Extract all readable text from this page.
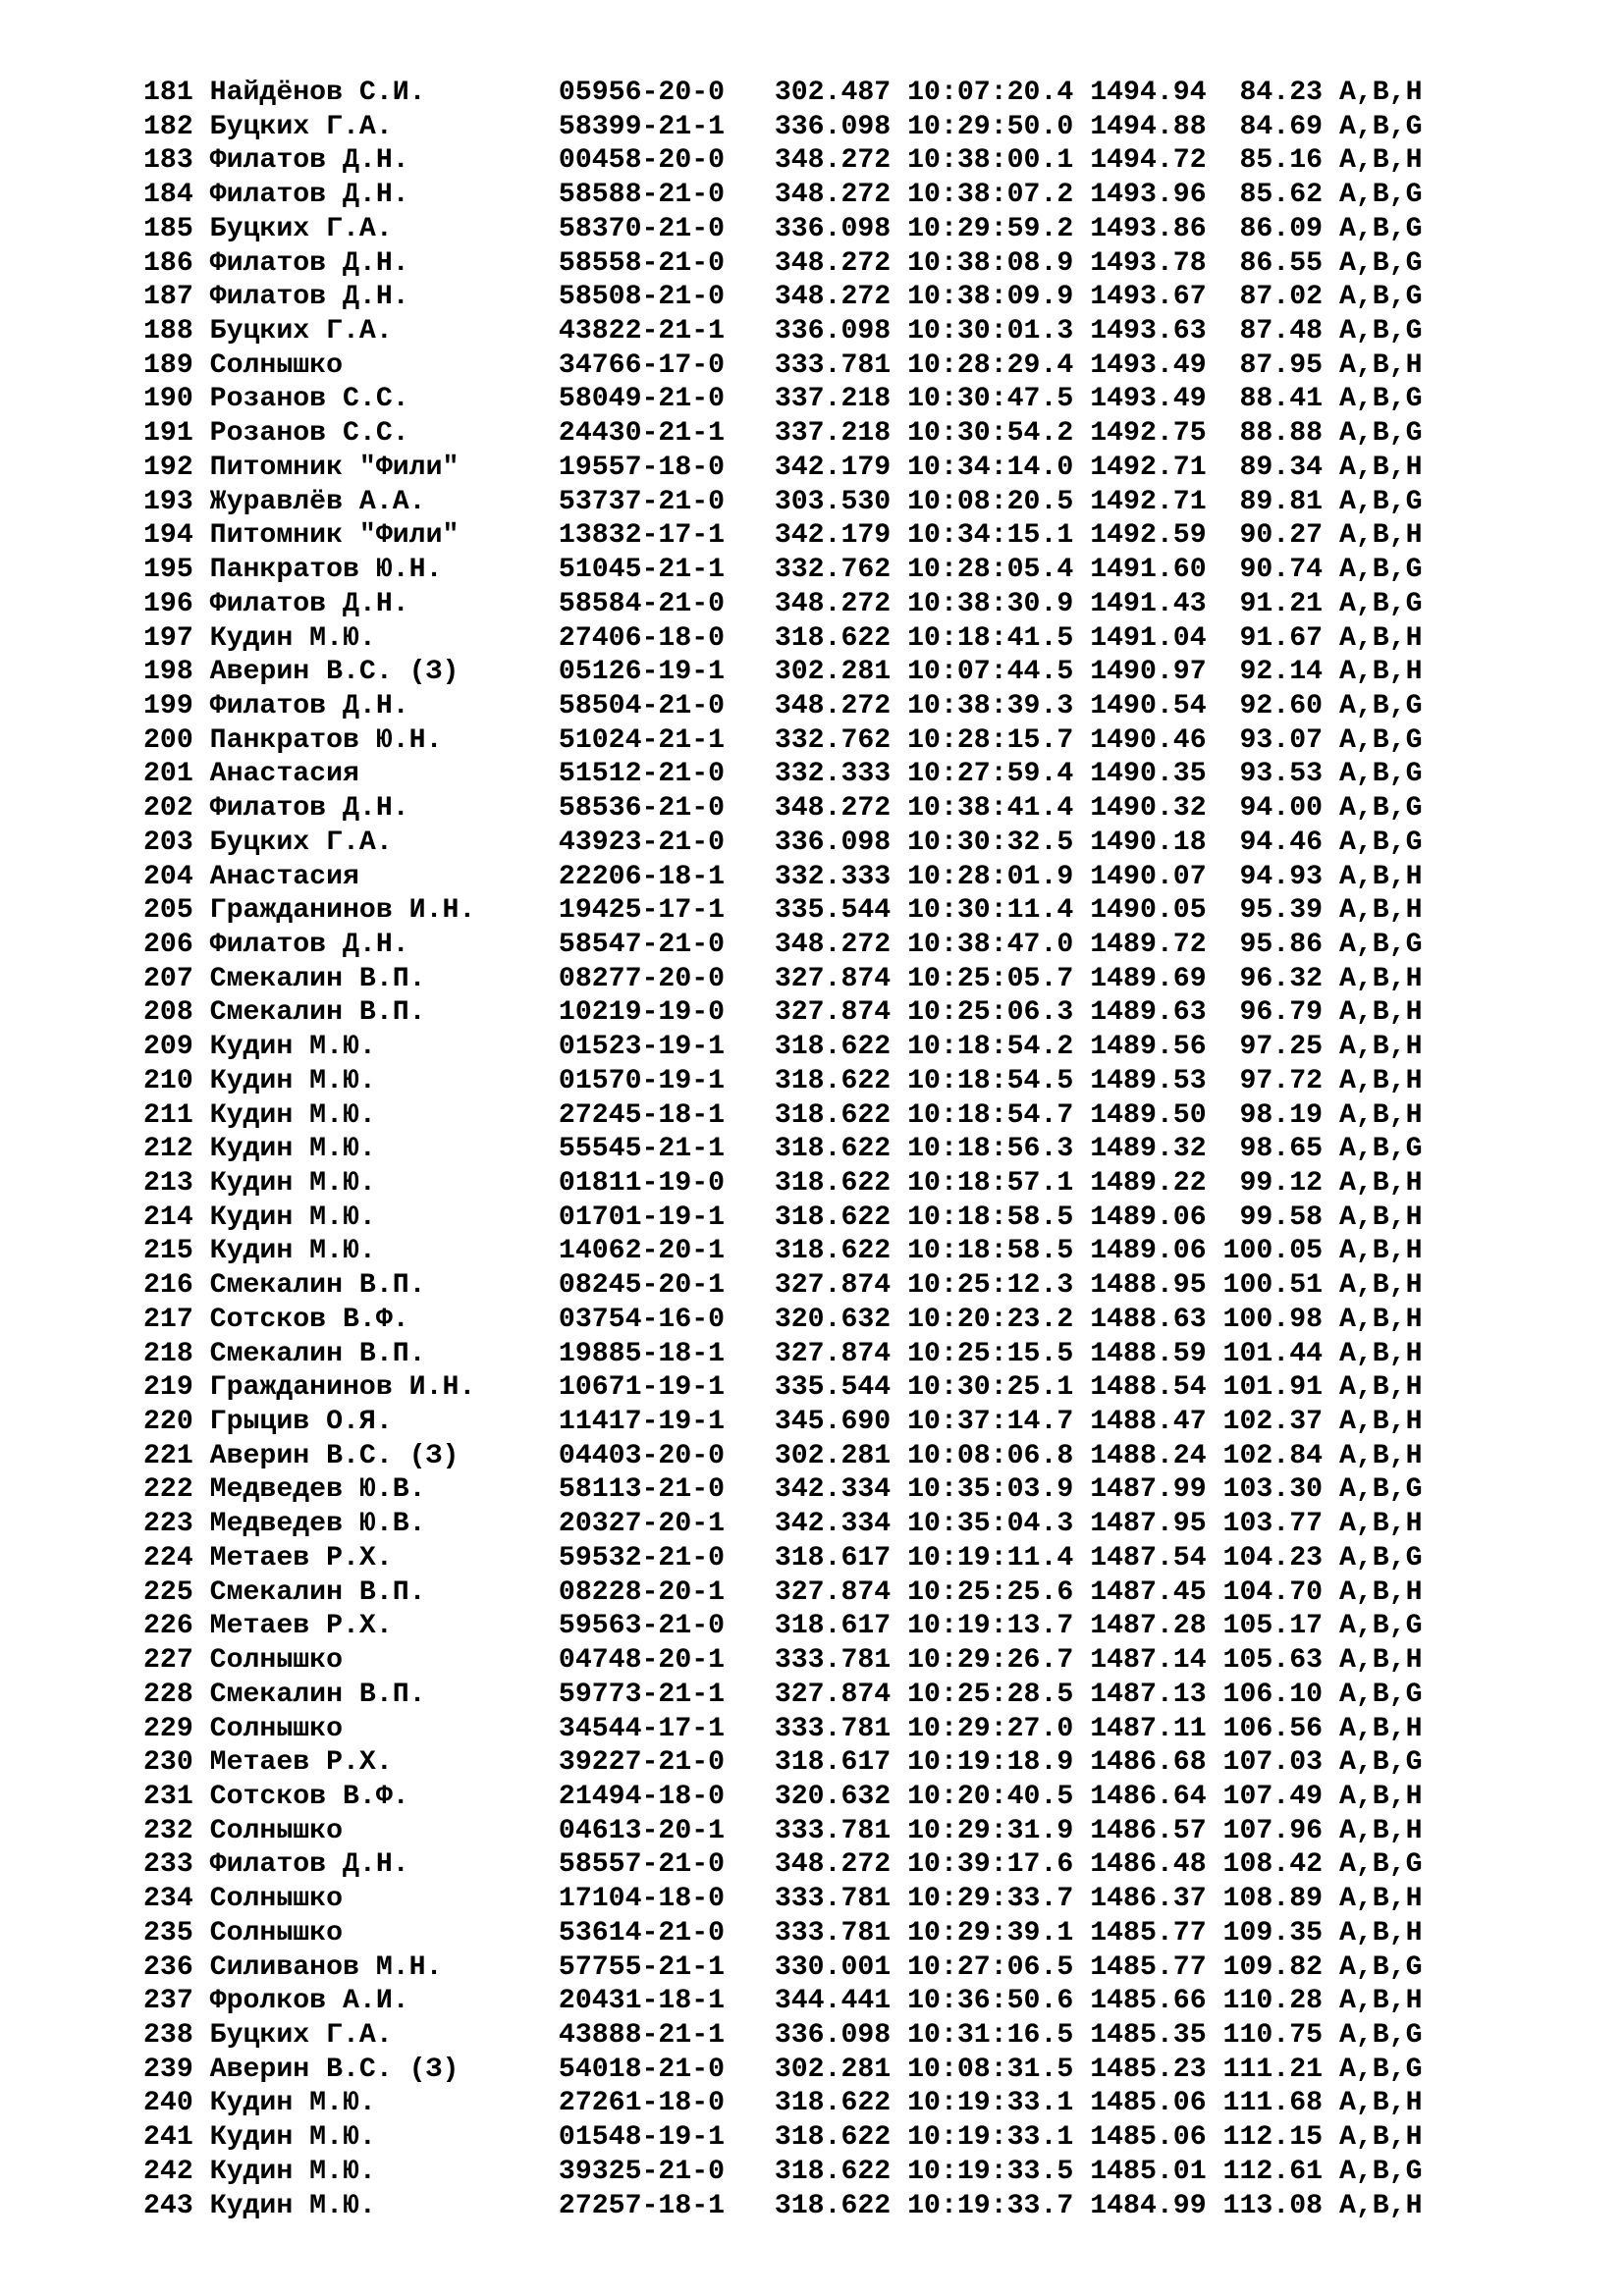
181 Найдёнов С.И.        05956-20-0   302.487 10:07:20.4 1494.94  84.23 A,B,H
182 Буцких Г.А.          58399-21-1   336.098 10:29:50.0 1494.88  84.69 A,B,G
183 Филатов Д.Н.         00458-20-0   348.272 10:38:00.1 1494.72  85.16 A,B,H
184 Филатов Д.Н.         58588-21-0   348.272 10:38:07.2 1493.96  85.62 A,B,G
185 Буцких Г.А.          58370-21-0   336.098 10:29:59.2 1493.86  86.09 A,B,G
186 Филатов Д.Н.         58558-21-0   348.272 10:38:08.9 1493.78  86.55 A,B,G
187 Филатов Д.Н.         58508-21-0   348.272 10:38:09.9 1493.67  87.02 A,B,G
188 Буцких Г.А.          43822-21-1   336.098 10:30:01.3 1493.63  87.48 A,B,G
189 Солнышко             34766-17-0   333.781 10:28:29.4 1493.49  87.95 A,B,H
190 Розанов С.С.         58049-21-0   337.218 10:30:47.5 1493.49  88.41 A,B,G
191 Розанов С.С.         24430-21-1   337.218 10:30:54.2 1492.75  88.88 A,B,G
192 Питомник "Фили"      19557-18-0   342.179 10:34:14.0 1492.71  89.34 A,B,H
193 Журавлёв А.А.        53737-21-0   303.530 10:08:20.5 1492.71  89.81 A,B,G
194 Питомник "Фили"      13832-17-1   342.179 10:34:15.1 1492.59  90.27 A,B,H
195 Панкратов Ю.Н.       51045-21-1   332.762 10:28:05.4 1491.60  90.74 A,B,G
196 Филатов Д.Н.         58584-21-0   348.272 10:38:30.9 1491.43  91.21 A,B,G
197 Кудин М.Ю.           27406-18-0   318.622 10:18:41.5 1491.04  91.67 A,B,H
198 Аверин В.С. (З)      05126-19-1   302.281 10:07:44.5 1490.97  92.14 A,B,H
199 Филатов Д.Н.         58504-21-0   348.272 10:38:39.3 1490.54  92.60 A,B,G
200 Панкратов Ю.Н.       51024-21-1   332.762 10:28:15.7 1490.46  93.07 A,B,G
201 Анастасия            51512-21-0   332.333 10:27:59.4 1490.35  93.53 A,B,G
202 Филатов Д.Н.         58536-21-0   348.272 10:38:41.4 1490.32  94.00 A,B,G
203 Буцких Г.А.          43923-21-0   336.098 10:30:32.5 1490.18  94.46 A,B,G
204 Анастасия            22206-18-1   332.333 10:28:01.9 1490.07  94.93 A,B,H
205 Гражданинов И.Н.     19425-17-1   335.544 10:30:11.4 1490.05  95.39 A,B,H
206 Филатов Д.Н.         58547-21-0   348.272 10:38:47.0 1489.72  95.86 A,B,G
207 Смекалин В.П.        08277-20-0   327.874 10:25:05.7 1489.69  96.32 A,B,H
208 Смекалин В.П.        10219-19-0   327.874 10:25:06.3 1489.63  96.79 A,B,H
209 Кудин М.Ю.           01523-19-1   318.622 10:18:54.2 1489.56  97.25 A,B,H
210 Кудин М.Ю.           01570-19-1   318.622 10:18:54.5 1489.53  97.72 A,B,H
211 Кудин М.Ю.           27245-18-1   318.622 10:18:54.7 1489.50  98.19 A,B,H
212 Кудин М.Ю.           55545-21-1   318.622 10:18:56.3 1489.32  98.65 A,B,G
213 Кудин М.Ю.           01811-19-0   318.622 10:18:57.1 1489.22  99.12 A,B,H
214 Кудин М.Ю.           01701-19-1   318.622 10:18:58.5 1489.06  99.58 A,B,H
215 Кудин М.Ю.           14062-20-1   318.622 10:18:58.5 1489.06 100.05 A,B,H
216 Смекалин В.П.        08245-20-1   327.874 10:25:12.3 1488.95 100.51 A,B,H
217 Сотсков В.Ф.         03754-16-0   320.632 10:20:23.2 1488.63 100.98 A,B,H
218 Смекалин В.П.        19885-18-1   327.874 10:25:15.5 1488.59 101.44 A,B,H
219 Гражданинов И.Н.     10671-19-1   335.544 10:30:25.1 1488.54 101.91 A,B,H
220 Грыцив О.Я.          11417-19-1   345.690 10:37:14.7 1488.47 102.37 A,B,H
221 Аверин В.С. (З)      04403-20-0   302.281 10:08:06.8 1488.24 102.84 A,B,H
222 Медведев Ю.В.        58113-21-0   342.334 10:35:03.9 1487.99 103.30 A,B,G
223 Медведев Ю.В.        20327-20-1   342.334 10:35:04.3 1487.95 103.77 A,B,H
224 Метаев Р.Х.          59532-21-0   318.617 10:19:11.4 1487.54 104.23 A,B,G
225 Смекалин В.П.        08228-20-1   327.874 10:25:25.6 1487.45 104.70 A,B,H
226 Метаев Р.Х.          59563-21-0   318.617 10:19:13.7 1487.28 105.17 A,B,G
227 Солнышко             04748-20-1   333.781 10:29:26.7 1487.14 105.63 A,B,H
228 Смекалин В.П.        59773-21-1   327.874 10:25:28.5 1487.13 106.10 A,B,G
229 Солнышко             34544-17-1   333.781 10:29:27.0 1487.11 106.56 A,B,H
230 Метаев Р.Х.          39227-21-0   318.617 10:19:18.9 1486.68 107.03 A,B,G
231 Сотсков В.Ф.         21494-18-0   320.632 10:20:40.5 1486.64 107.49 A,B,H
232 Солнышко             04613-20-1   333.781 10:29:31.9 1486.57 107.96 A,B,H
233 Филатов Д.Н.         58557-21-0   348.272 10:39:17.6 1486.48 108.42 A,B,G
234 Солнышко             17104-18-0   333.781 10:29:33.7 1486.37 108.89 A,B,H
235 Солнышко             53614-21-0   333.781 10:29:39.1 1485.77 109.35 A,B,H
236 Силиванов М.Н.       57755-21-1   330.001 10:27:06.5 1485.77 109.82 A,B,G
237 Фролков А.И.         20431-18-1   344.441 10:36:50.6 1485.66 110.28 A,B,H
238 Буцких Г.А.          43888-21-1   336.098 10:31:16.5 1485.35 110.75 A,B,G
239 Аверин В.С. (З)      54018-21-0   302.281 10:08:31.5 1485.23 111.21 A,B,G
240 Кудин М.Ю.           27261-18-0   318.622 10:19:33.1 1485.06 111.68 A,B,H
241 Кудин М.Ю.           01548-19-1   318.622 10:19:33.1 1485.06 112.15 A,B,H
242 Кудин М.Ю.           39325-21-0   318.622 10:19:33.5 1485.01 112.61 A,B,G
243 Кудин М.Ю.           27257-18-1   318.622 10:19:33.7 1484.99 113.08 A,B,H
